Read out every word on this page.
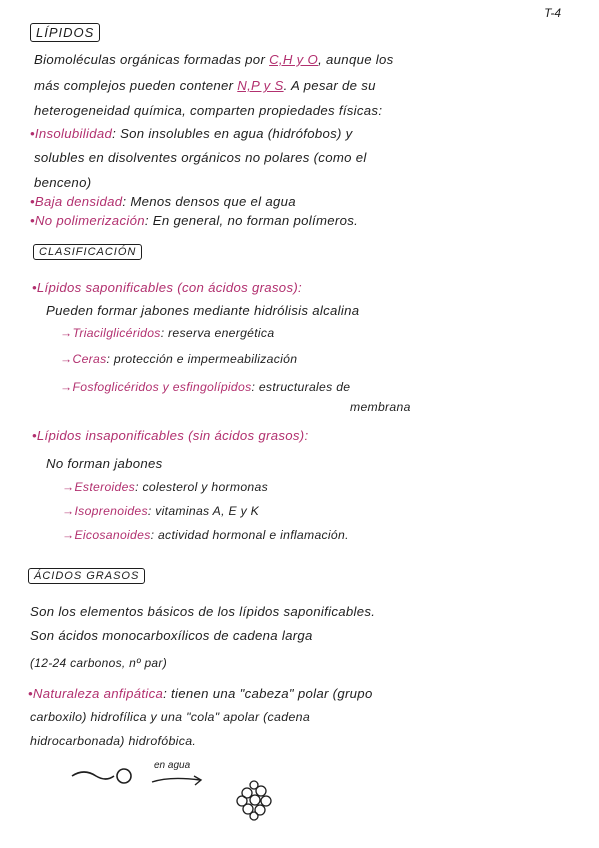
T-4
LÍPIDOS
Biomoléculas orgánicas formadas por C,H y O, aunque los
más complejos pueden contener N,P y S. A pesar de su
heterogeneidad química, comparten propiedades físicas:
•Insolubilidad: Son insolubles en agua (hidrófobos) y
solubles en disolventes orgánicos no polares (como el
benceno)
•Baja densidad: Menos densos que el agua
•No polimerización: En general, no forman polímeros.
CLASIFICACIÓN
•Lípidos saponificables (con ácidos grasos):
Pueden formar jabones mediante hidrólisis alcalina
→Triacilglicéridos: reserva energética
→Ceras: protección e impermeabilización
→Fosfoglicéridos y esfingolípidos: estructurales de
membrana
•Lípidos insaponificables (sin ácidos grasos):
No forman jabones
→Esteroides: colesterol y hormonas
→Isoprenoides: vitaminas A, E y K
→Eicosanoides: actividad hormonal e inflamación.
ÁCIDOS GRASOS
Son los elementos básicos de los lípidos saponificables.
Son ácidos monocarboxílicos de cadena larga
(12-24 carbonos, nº par)
•Naturaleza anfipática: tienen una "cabeza" polar (grupo
carboxilo) hidrofílica y una "cola" apolar (cadena
hidrocarbonada) hidrofóbica.
en agua
